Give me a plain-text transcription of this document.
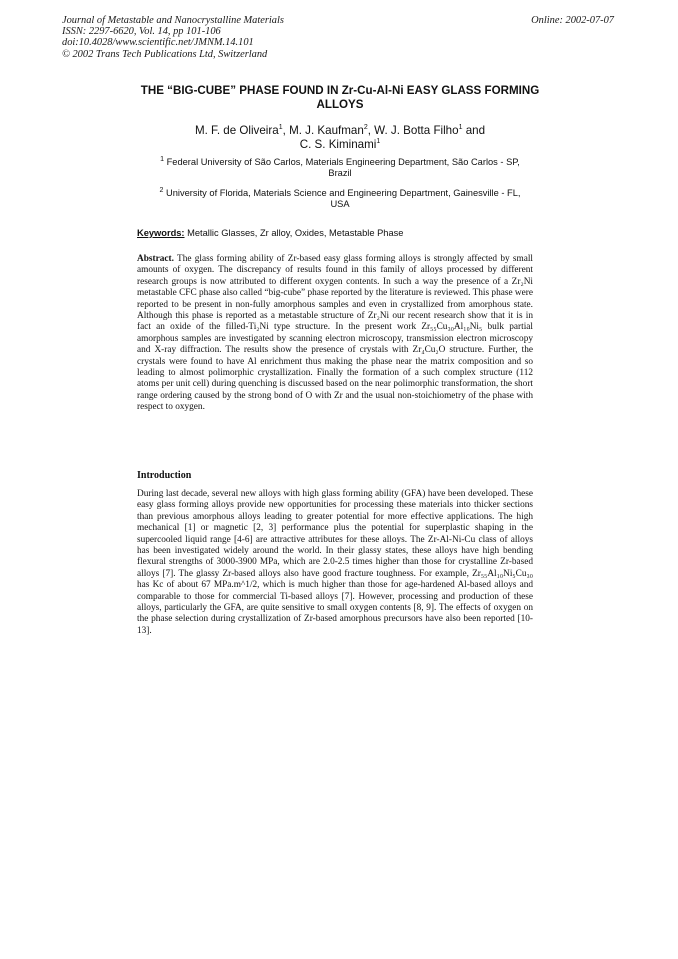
Journal of Metastable and Nanocrystalline Materials
ISSN: 2297-6620, Vol. 14, pp 101-106
doi:10.4028/www.scientific.net/JMNM.14.101
© 2002 Trans Tech Publications Ltd, Switzerland
Online: 2002-07-07
THE “BIG-CUBE” PHASE FOUND IN Zr-Cu-Al-Ni EASY GLASS FORMING ALLOYS
M. F. de Oliveira$^1$, M. J. Kaufman$^2$, W. J. Botta Filho$^1$ and
C. S. Kiminami$^1$
$^1$ Federal University of São Carlos, Materials Engineering Department, São Carlos - SP, Brazil
$^2$ University of Florida, Materials Science and Engineering Department, Gainesville - FL, USA
Keywords: Metallic Glasses, Zr alloy, Oxides, Metastable Phase
Abstract. The glass forming ability of Zr-based easy glass forming alloys is strongly affected by small amounts of oxygen. The discrepancy of results found in this family of alloys processed by different research groups is now attributed to different oxygen contents. In such a way the presence of a Zr₂Ni metastable CFC phase also called “big-cube” phase reported by the literature is reviewed. This phase were reported to be present in non-fully amorphous samples and even in crystallized from amorphous state. Although this phase is reported as a metastable structure of Zr₂Ni our recent research show that it is in fact an oxide of the filled-Ti₂Ni type structure. In the present work Zr₅₅Cu₃₀Al₁₀Ni₅ bulk partial amorphous samples are investigated by scanning electron microscopy, transmission electron microscopy and X-ray diffraction. The results show the presence of crystals with Zr₄Cu₂O structure. Further, the crystals were found to have Al enrichment thus making the phase near the matrix composition and so leading to almost polimorphic crystallization. Finally the formation of a such complex structure (112 atoms per unit cell) during quenching is discussed based on the near polimorphic transformation, the short range ordering caused by the strong bond of O with Zr and the usual non-stoichiometry of the phase with respect to oxygen.
Introduction
During last decade, several new alloys with high glass forming ability (GFA) have been developed. These easy glass forming alloys provide new opportunities for processing these materials into thicker sections than previous amorphous alloys leading to greater potential for more effective applications. The high mechanical [1] or magnetic [2, 3] performance plus the potential for superplastic shaping in the supercooled liquid range [4-6] are attractive attributes for these alloys. The Zr-Al-Ni-Cu class of alloys has been investigated widely around the world. In their glassy states, these alloys have high bending flexural strengths of 3000-3900 MPa, which are 2.0-2.5 times higher than those for crystalline Zr-based alloys [7]. The glassy Zr-based alloys also have good fracture toughness. For example, Zr₅₅Al₁₀Ni₅Cu₃₀ has Kc of about 67 MPa.m^1/2, which is much higher than those for age-hardened Al-based alloys and comparable to those for commercial Ti-based alloys [7]. However, processing and production of these alloys, particularly the GFA, are quite sensitive to small oxygen contents [8, 9]. The effects of oxygen on the phase selection during crystallization of Zr-based amorphous precursors have also been reported [10-13].
